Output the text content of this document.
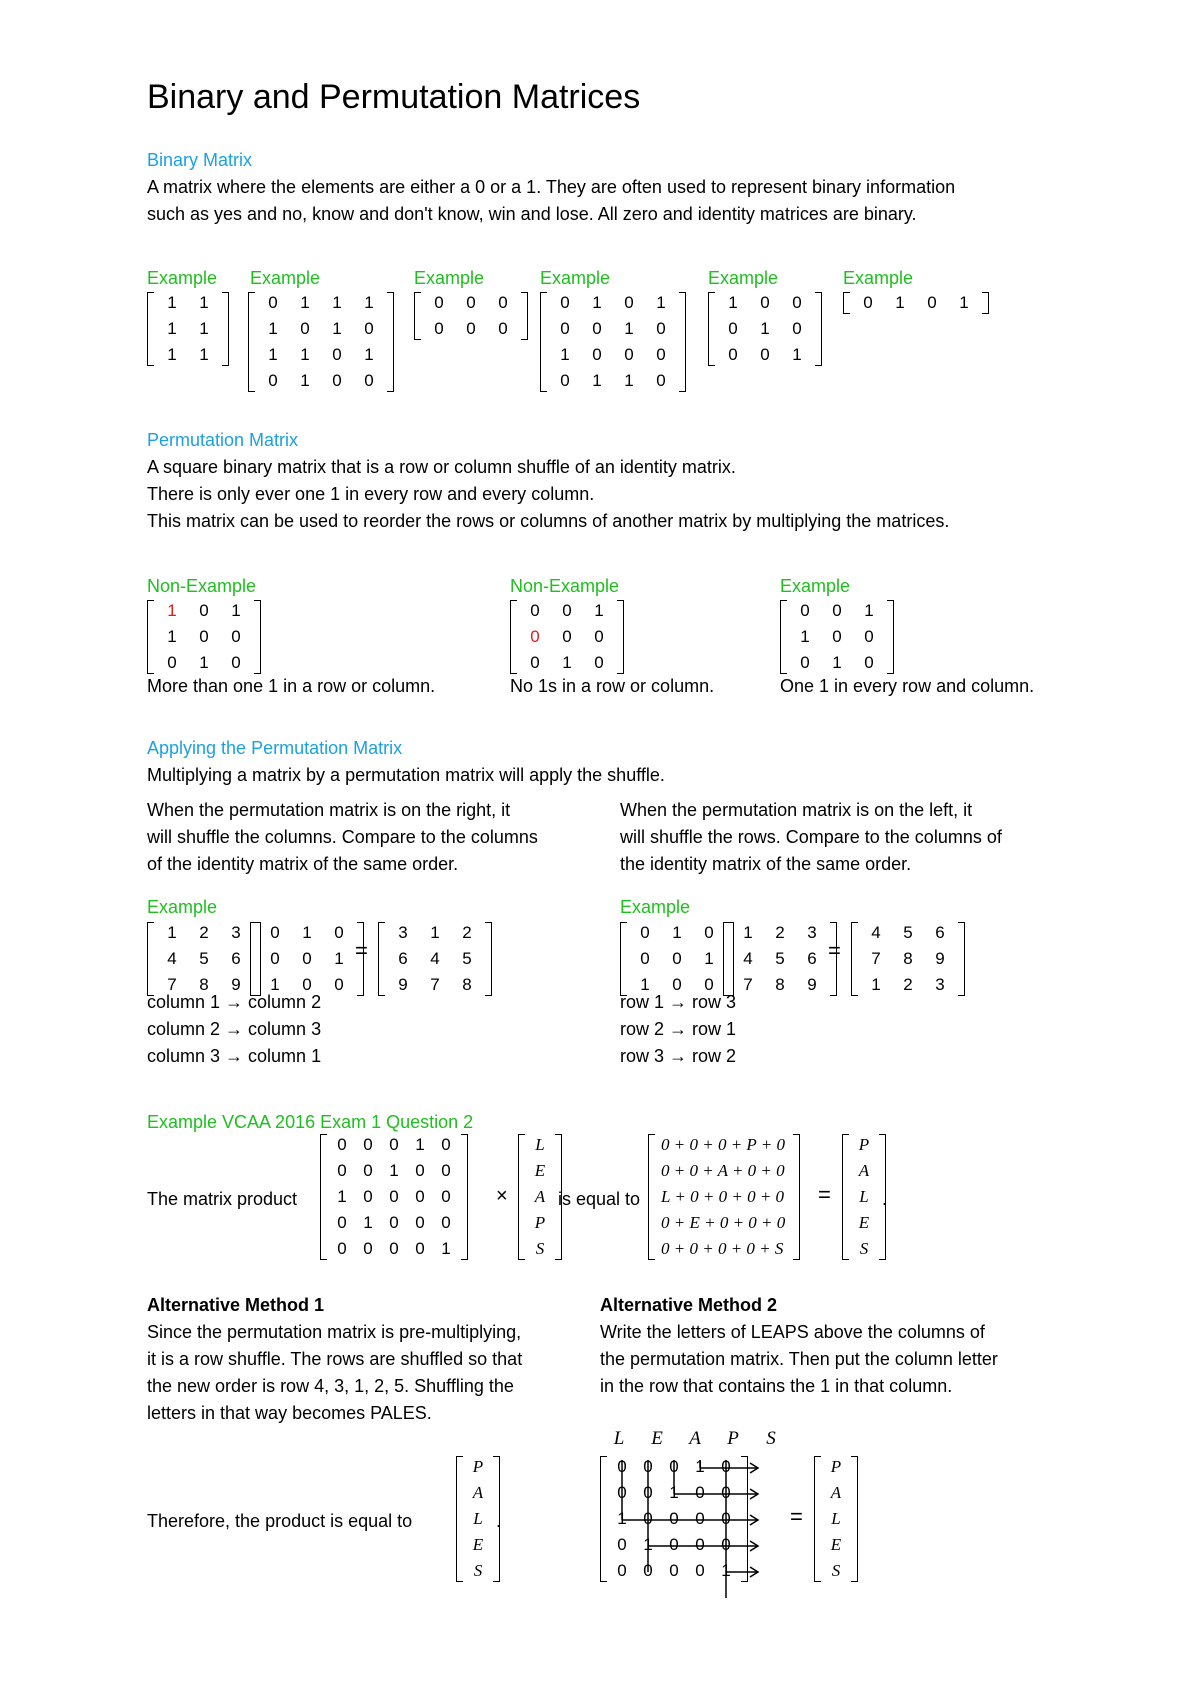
Binary and Permutation Matrices
Binary Matrix
A matrix where the elements are either a 0 or a 1. They are often used to represent binary information
such as yes and no, know and don't know, win and lose. All zero and identity matrices are binary.
Example Example	Example	Example	Example	Example
1	1
1	1
1	1
0	1	1	1
1	0	1	0
1	1	0	1
0	1	0	0
0	0	0
0	0	0
0	1	0	1
0	0	1	0
1	0	0	0
0	1	1	0
1	0	0
0	1	0
0	0	1
0	1	0	1
Permutation Matrix
A square binary matrix that is a row or column shuffle of an identity matrix.
There is only ever one 1 in every row and every column.
This matrix can be used to reorder the rows or columns of another matrix by multiplying the matrices.
Non-Example	Non-Example	Example
1	0	1
1	0	0
0	1	0
0	0	1
0	0	0
0	1	0
0	0	1
1	0	0
0	1	0
More than one 1 in a row or column.	No 1s in a row or column.	One 1 in every row and column.
Applying the Permutation Matrix
Multiplying a matrix by a permutation matrix will apply the shuffle.
When the permutation matrix is on the right, it
will shuffle the columns. Compare to the columns
of the identity matrix of the same order.
When the permutation matrix is on the left, it
will shuffle the rows. Compare to the columns of
the identity matrix of the same order.
Example	Example
1	2	3
4	5	6
7	8	9
0	1	0
0	0	1
1	0	0
=
3	1	2
6	4	5
9	7	8
column 1 → column 2
column 2 → column 3
column 3 → column 1
0	1	0
0	0	1
1	0	0
1	2	3
4	5	6
7	8	9
=
4	5	6
7	8	9
1	2	3
row 1 → row 3
row 2 → row 1
row 3 → row 2
Example VCAA 2016 Exam 1 Question 2
The matrix product
0 0 0 1 0
0 0 1 0 0
1 0 0 0 0
0 1 0 0 0
0 0 0 0 1
×
L
E
A
P
S
is equal to
0 + 0 + 0 + P + 0
0 + 0 + A + 0 + 0
L + 0 + 0 + 0 + 0
0 + E + 0 + 0 + 0
0 + 0 + 0 + 0 + S
=
P
A
L
E
S
.
Alternative Method 1
Since the permutation matrix is pre-multiplying,
it is a row shuffle. The rows are shuffled so that
the new order is row 4, 3, 1, 2, 5. Shuffling the
letters in that way becomes PALES.
Therefore, the product is equal to
P
A
L
E
S
.
Alternative Method 2
Write the letters of LEAPS above the columns of
the permutation matrix. Then put the column letter
in the row that contains the 1 in that column.
L	E	A	P	S
0 0 0 1 0
0 0 1 0 0
1 0 0 0 0
0 1 0 0 0
0 0 0 0 1
=
P
A
L
E
S
